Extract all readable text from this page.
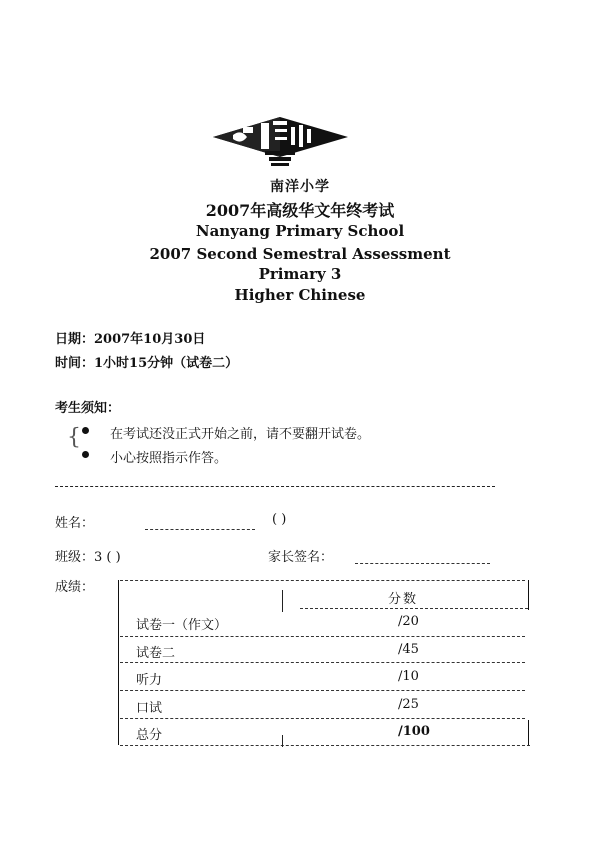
南洋小学
2007年高级华文年终考试
Nanyang Primary School
2007 Second Semestral Assessment
Primary 3
Higher Chinese
日期：2007年10月30日
时间：1小时15分钟（试卷二）
考生须知：
{ 在考试还没正式开始之前，请不要翻开试卷。
小心按照指示作答。
姓名：	( )
班级：3 ( )	家长签名：
成绩：
分数
试卷一（作文）	/20
试卷二	/45
听力	/10
口试	/25
总分	/100
